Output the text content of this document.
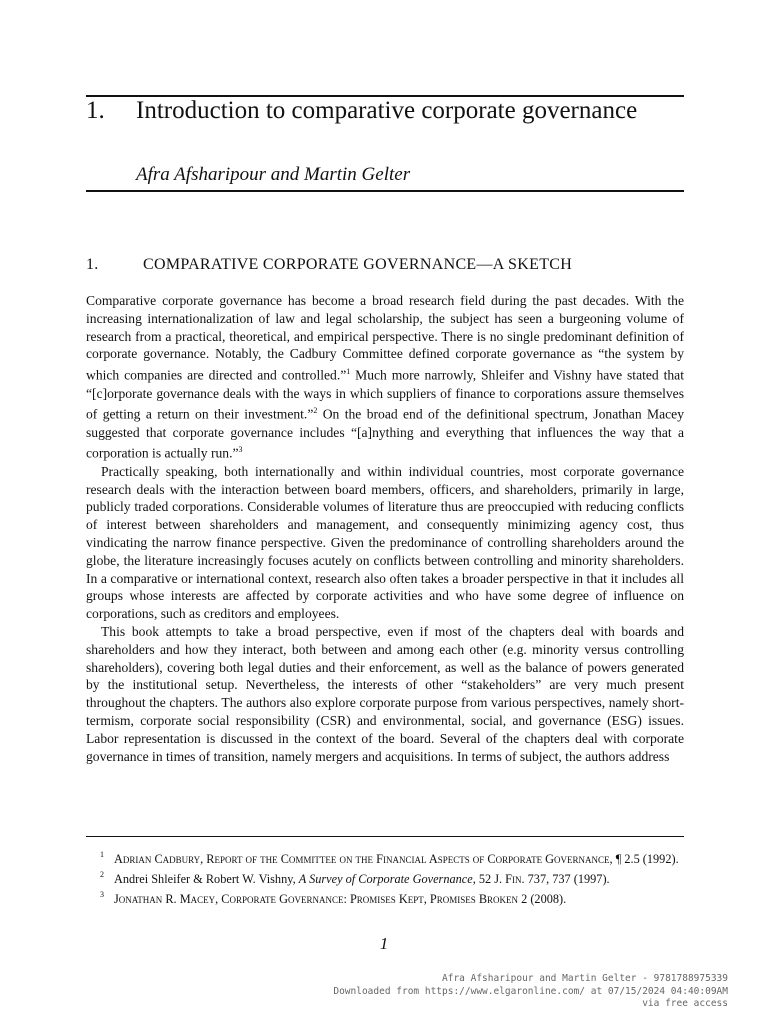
1. Introduction to comparative corporate governance
Afra Afsharipour and Martin Gelter
1.	COMPARATIVE CORPORATE GOVERNANCE—A SKETCH

Comparative corporate governance has become a broad research field during the past decades. With the increasing internationalization of law and legal scholarship, the subject has seen a burgeoning volume of research from a practical, theoretical, and empirical perspective. There is no single predominant definition of corporate governance. Notably, the Cadbury Committee defined corporate governance as “the system by which companies are directed and controlled.”$^1$ Much more narrowly, Shleifer and Vishny have stated that “[c]orporate governance deals with the ways in which suppliers of finance to corporations assure themselves of getting a return on their investment.”$^2$ On the broad end of the definitional spectrum, Jonathan Macey suggested that corporate governance includes “[a]nything and everything that influences the way that a corporation is actually run.”$^3$

Practically speaking, both internationally and within individual countries, most corporate governance research deals with the interaction between board members, officers, and shareholders, primarily in large, publicly traded corporations. Considerable volumes of literature thus are preoccupied with reducing conflicts of interest between shareholders and management, and consequently minimizing agency cost, thus vindicating the narrow finance perspective. Given the predominance of controlling shareholders around the globe, the literature increasingly focuses acutely on conflicts between controlling and minority shareholders. In a comparative or international context, research also often takes a broader perspective in that it includes all groups whose interests are affected by corporate activities and who have some degree of influence on corporations, such as creditors and employees.

This book attempts to take a broad perspective, even if most of the chapters deal with boards and shareholders and how they interact, both between and among each other (e.g. minority versus controlling shareholders), covering both legal duties and their enforcement, as well as the balance of powers generated by the institutional setup. Nevertheless, the interests of other “stakeholders” are very much present throughout the chapters. The authors also explore corporate purpose from various perspectives, namely short-termism, corporate social responsibility (CSR) and environmental, social, and governance (ESG) issues. Labor representation is discussed in the context of the board. Several of the chapters deal with corporate governance in times of transition, namely mergers and acquisitions. In terms of subject, the authors address

$^1$ Adrian Cadbury, Report of the Committee on the Financial Aspects of Corporate Governance, ¶ 2.5 (1992).

$^2$ Andrei Shleifer & Robert W. Vishny, A Survey of Corporate Governance, 52 J. Fin. 737, 737 (1997).

$^3$ Jonathan R. Macey, Corporate Governance: Promises Kept, Promises Broken 2 (2008).

1
Afra Afsharipour and Martin Gelter - 9781788975339
Downloaded from https://www.elgaronline.com/ at 07/15/2024 04:40:09AM
via free access
